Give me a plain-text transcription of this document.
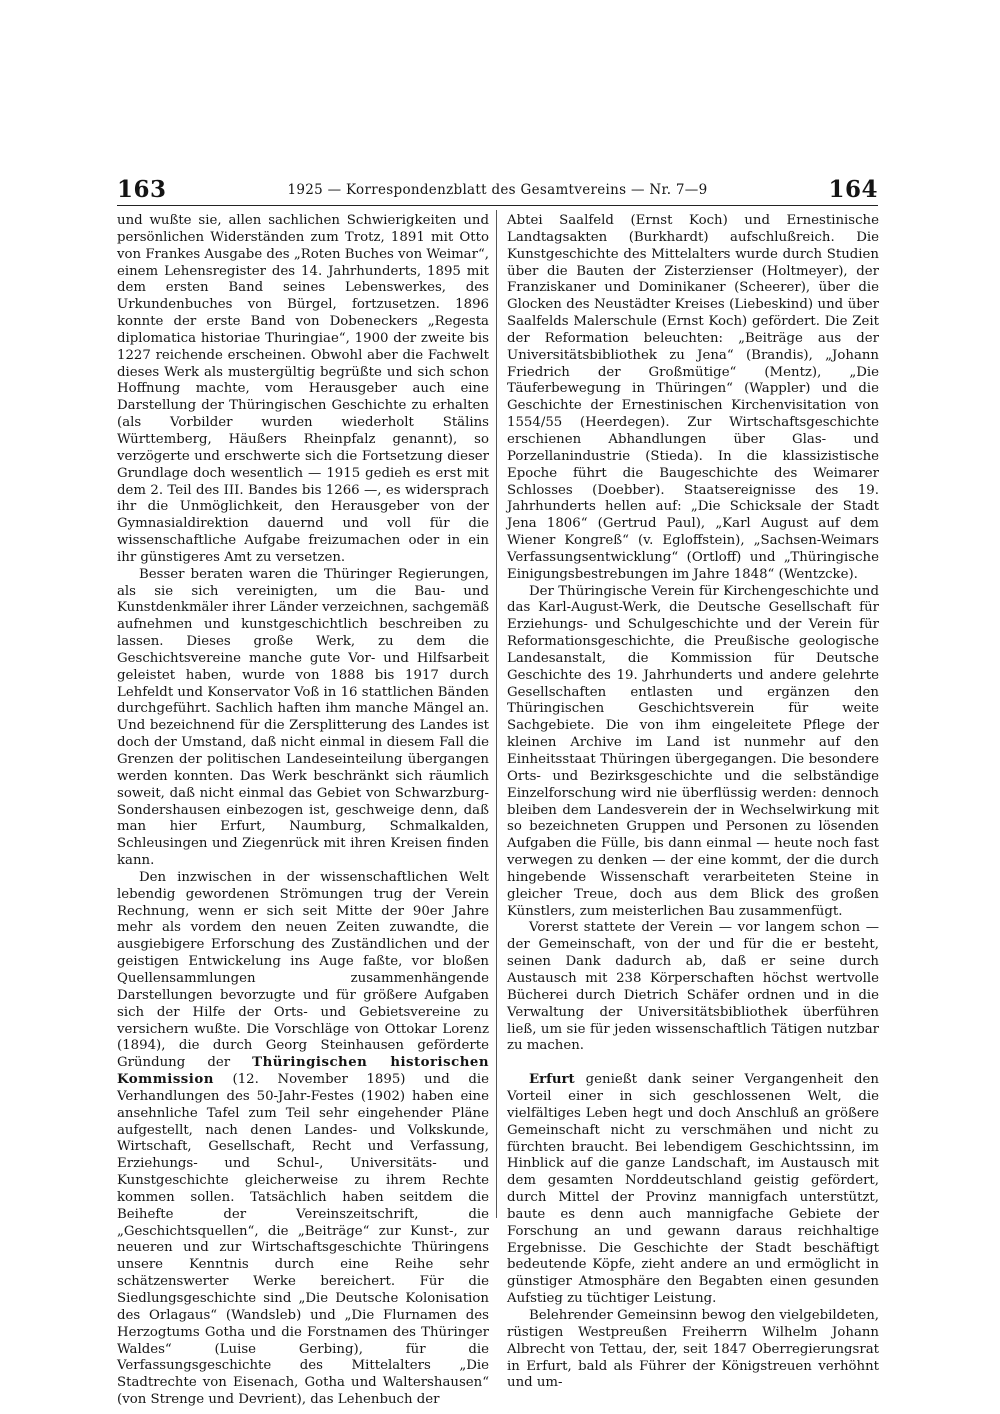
163	1925 — Korrespondenzblatt des Gesamtvereins — Nr. 7—9	164

und wußte sie, allen sachlichen Schwierigkeiten und persönlichen Widerständen zum Trotz, 1891 mit Otto von Frankes Ausgabe des „Roten Buches von Weimar“, einem Lehensregister des 14. Jahrhunderts, 1895 mit dem ersten Band seines Lebenswerkes, des Urkundenbuches von Bürgel, fortzusetzen. 1896 konnte der erste Band von Dobeneckers „Regesta diplomatica historiae Thuringiae“, 1900 der zweite bis 1227 reichende erscheinen. Obwohl aber die Fachwelt dieses Werk als mustergültig begrüßte und sich schon Hoffnung machte, vom Herausgeber auch eine Darstellung der Thüringischen Geschichte zu erhalten (als Vorbilder wurden wiederholt Stälins Württemberg, Häußers Rheinpfalz genannt), so verzögerte und erschwerte sich die Fortsetzung dieser Grundlage doch wesentlich — 1915 gedieh es erst mit dem 2. Teil des III. Bandes bis 1266 —, es widersprach ihr die Unmöglichkeit, den Herausgeber von der Gymnasialdirektion dauernd und voll für die wissenschaftliche Aufgabe freizumachen oder in ein ihr günstigeres Amt zu versetzen.

Besser beraten waren die Thüringer Regierungen, als sie sich vereinigten, um die Bau- und Kunstdenkmäler ihrer Länder verzeichnen, sachgemäß aufnehmen und kunstgeschichtlich beschreiben zu lassen. Dieses große Werk, zu dem die Geschichtsvereine manche gute Vor- und Hilfsarbeit geleistet haben, wurde von 1888 bis 1917 durch Lehfeldt und Konservator Voß in 16 stattlichen Bänden durchgeführt. Sachlich haften ihm manche Mängel an. Und bezeichnend für die Zersplitterung des Landes ist doch der Umstand, daß nicht einmal in diesem Fall die Grenzen der politischen Landeseinteilung übergangen werden konnten. Das Werk beschränkt sich räumlich soweit, daß nicht einmal das Gebiet von Schwarzburg-Sondershausen einbezogen ist, geschweige denn, daß man hier Erfurt, Naumburg, Schmalkalden, Schleusingen und Ziegenrück mit ihren Kreisen finden kann.

Den inzwischen in der wissenschaftlichen Welt lebendig gewordenen Strömungen trug der Verein Rechnung, wenn er sich seit Mitte der 90er Jahre mehr als vordem den neuen Zeiten zuwandte, die ausgiebigere Erforschung des Zuständlichen und der geistigen Entwickelung ins Auge faßte, vor bloßen Quellensammlungen zusammenhängende Darstellungen bevorzugte und für größere Aufgaben sich der Hilfe der Orts- und Gebietsvereine zu versichern wußte. Die Vorschläge von Ottokar Lorenz (1894), die durch Georg Steinhausen geförderte Gründung der Thüringischen historischen Kommission (12. November 1895) und die Verhandlungen des 50-Jahr-Festes (1902) haben eine ansehnliche Tafel zum Teil sehr eingehender Pläne aufgestellt, nach denen Landes- und Volkskunde, Wirtschaft, Gesellschaft, Recht und Verfassung, Erziehungs- und Schul-, Universitäts- und Kunstgeschichte gleicherweise zu ihrem Rechte kommen sollen. Tatsächlich haben seitdem die Beihefte der Vereinszeitschrift, die „Geschichtsquellen“, die „Beiträge“ zur Kunst-, zur neueren und zur Wirtschaftsgeschichte Thüringens unsere Kenntnis durch eine Reihe sehr schätzenswerter Werke bereichert. Für die Siedlungsgeschichte sind „Die Deutsche Kolonisation des Orlagaus“ (Wandsleb) und „Die Flurnamen des Herzogtums Gotha und die Forstnamen des Thüringer Waldes“ (Luise Gerbing), für die Verfassungsgeschichte des Mittelalters „Die Stadtrechte von Eisenach, Gotha und Waltershausen“ (von Strenge und Devrient), das Lehenbuch der

Abtei Saalfeld (Ernst Koch) und Ernestinische Landtagsakten (Burkhardt) aufschlußreich. Die Kunstgeschichte des Mittelalters wurde durch Studien über die Bauten der Zisterzienser (Holtmeyer), der Franziskaner und Dominikaner (Scheerer), über die Glocken des Neustädter Kreises (Liebeskind) und über Saalfelds Malerschule (Ernst Koch) gefördert. Die Zeit der Reformation beleuchten: „Beiträge aus der Universitätsbibliothek zu Jena“ (Brandis), „Johann Friedrich der Großmütige“ (Mentz), „Die Täuferbewegung in Thüringen“ (Wappler) und die Geschichte der Ernestinischen Kirchenvisitation von 1554/55 (Heerdegen). Zur Wirtschaftsgeschichte erschienen Abhandlungen über Glas- und Porzellanindustrie (Stieda). In die klassizistische Epoche führt die Baugeschichte des Weimarer Schlosses (Doebber). Staatsereignisse des 19. Jahrhunderts hellen auf: „Die Schicksale der Stadt Jena 1806“ (Gertrud Paul), „Karl August auf dem Wiener Kongreß“ (v. Egloffstein), „Sachsen-Weimars Verfassungsentwicklung“ (Ortloff) und „Thüringische Einigungsbestrebungen im Jahre 1848“ (Wentzcke).

Der Thüringische Verein für Kirchengeschichte und das Karl-August-Werk, die Deutsche Gesellschaft für Erziehungs- und Schulgeschichte und der Verein für Reformationsgeschichte, die Preußische geologische Landesanstalt, die Kommission für Deutsche Geschichte des 19. Jahrhunderts und andere gelehrte Gesellschaften entlasten und ergänzen den Thüringischen Geschichtsverein für weite Sachgebiete. Die von ihm eingeleitete Pflege der kleinen Archive im Land ist nunmehr auf den Einheitsstaat Thüringen übergegangen. Die besondere Orts- und Bezirksgeschichte und die selbständige Einzelforschung wird nie überflüssig werden: dennoch bleiben dem Landesverein der in Wechselwirkung mit so bezeichneten Gruppen und Personen zu lösenden Aufgaben die Fülle, bis dann einmal — heute noch fast verwegen zu denken — der eine kommt, der die durch hingebende Wissenschaft verarbeiteten Steine in gleicher Treue, doch aus dem Blick des großen Künstlers, zum meisterlichen Bau zusammenfügt.

Vorerst stattete der Verein — vor langem schon — der Gemeinschaft, von der und für die er besteht, seinen Dank dadurch ab, daß er seine durch Austausch mit 238 Körperschaften höchst wertvolle Bücherei durch Dietrich Schäfer ordnen und in die Verwaltung der Universitätsbibliothek überführen ließ, um sie für jeden wissenschaftlich Tätigen nutzbar zu machen.

Erfurt genießt dank seiner Vergangenheit den Vorteil einer in sich geschlossenen Welt, die vielfältiges Leben hegt und doch Anschluß an größere Gemeinschaft nicht zu verschmähen und nicht zu fürchten braucht. Bei lebendigem Geschichtssinn, im Hinblick auf die ganze Landschaft, im Austausch mit dem gesamten Norddeutschland geistig gefördert, durch Mittel der Provinz mannigfach unterstützt, baute es denn auch mannigfache Gebiete der Forschung an und gewann daraus reichhaltige Ergebnisse. Die Geschichte der Stadt beschäftigt bedeutende Köpfe, zieht andere an und ermöglicht in günstiger Atmosphäre den Begabten einen gesunden Aufstieg zu tüchtiger Leistung.

Belehrender Gemeinsinn bewog den vielgebildeten, rüstigen Westpreußen Freiherrn Wilhelm Johann Albrecht von Tettau, der, seit 1847 Oberregierungsrat in Erfurt, bald als Führer der Königstreuen verhöhnt und um-
